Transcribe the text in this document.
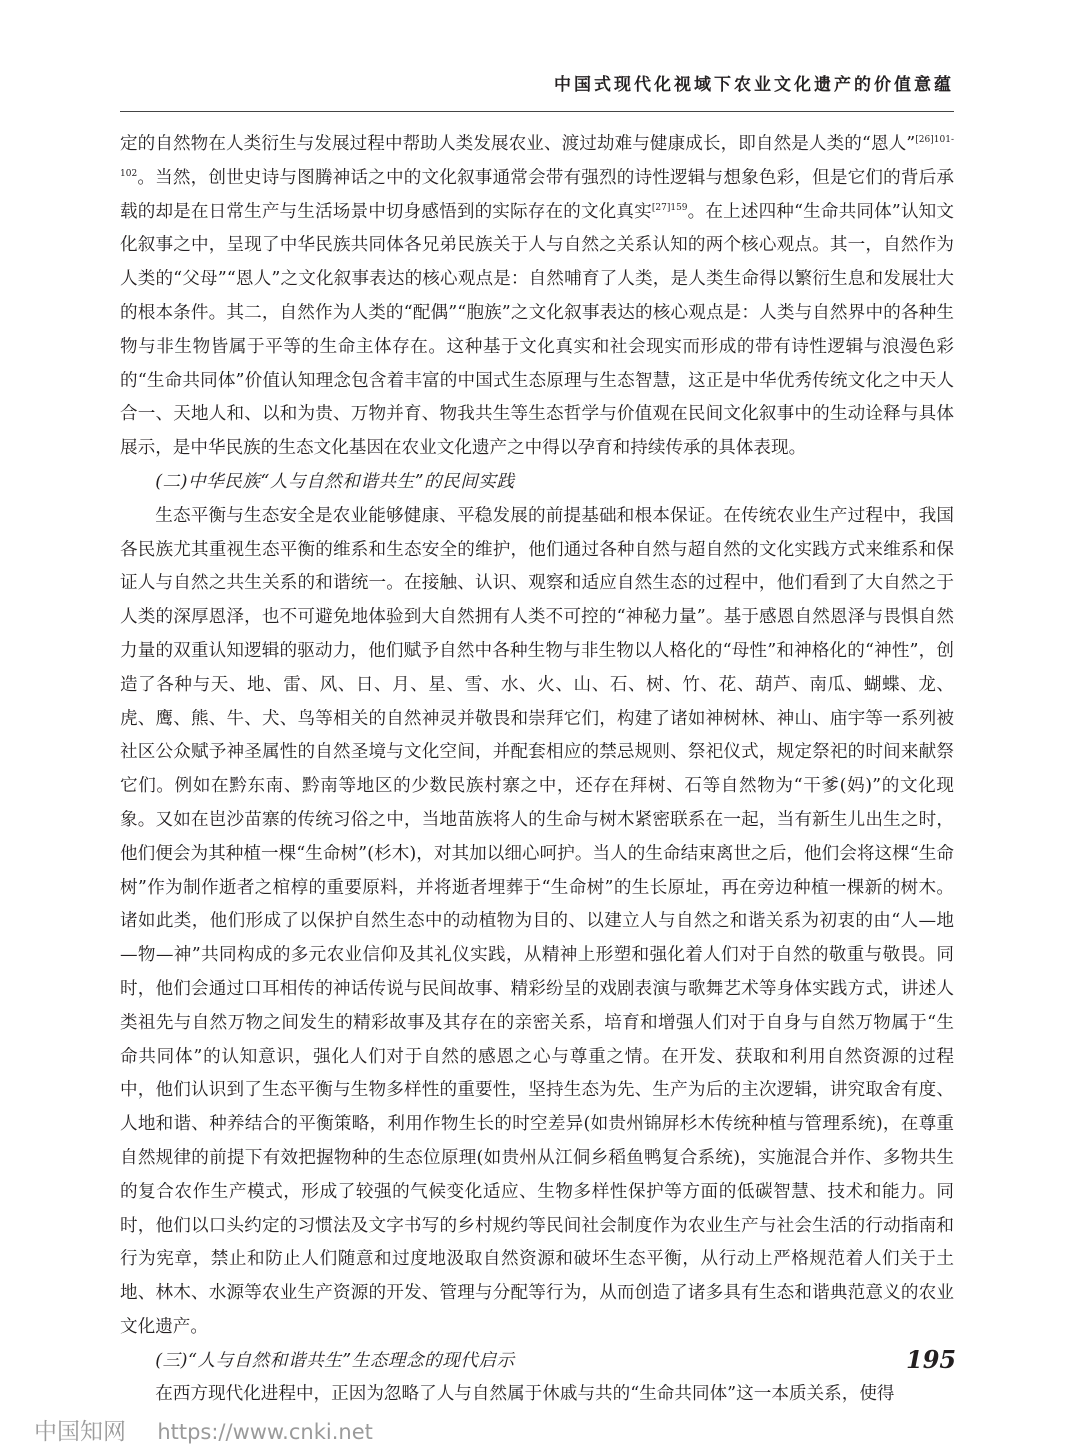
中国式现代化视域下农业文化遗产的价值意蕴

定的自然物在人类衍生与发展过程中帮助人类发展农业、渡过劫难与健康成长，即自然是人类的“恩人”$^{[26]101-102}$。当然，创世史诗与图腾神话之中的文化叙事通常会带有强烈的诗性逻辑与想象色彩，但是它们的背后承载的却是在日常生产与生活场景中切身感悟到的实际存在的文化真实$^{[27]159}$。在上述四种“生命共同体”认知文化叙事之中，呈现了中华民族共同体各兄弟民族关于人与自然之关系认知的两个核心观点。其一，自然作为人类的“父母”“恩人”之文化叙事表达的核心观点是：自然哺育了人类，是人类生命得以繁衍生息和发展壮大的根本条件。其二，自然作为人类的“配偶”“胞族”之文化叙事表达的核心观点是：人类与自然界中的各种生物与非生物皆属于平等的生命主体存在。这种基于文化真实和社会现实而形成的带有诗性逻辑与浪漫色彩的“生命共同体”价值认知理念包含着丰富的中国式生态原理与生态智慧，这正是中华优秀传统文化之中天人合一、天地人和、以和为贵、万物并育、物我共生等生态哲学与价值观在民间文化叙事中的生动诠释与具体展示，是中华民族的生态文化基因在农业文化遗产之中得以孕育和持续传承的具体表现。

(二)中华民族“人与自然和谐共生”的民间实践

生态平衡与生态安全是农业能够健康、平稳发展的前提基础和根本保证。在传统农业生产过程中，我国各民族尤其重视生态平衡的维系和生态安全的维护，他们通过各种自然与超自然的文化实践方式来维系和保证人与自然之共生关系的和谐统一。在接触、认识、观察和适应自然生态的过程中，他们看到了大自然之于人类的深厚恩泽，也不可避免地体验到大自然拥有人类不可控的“神秘力量”。基于感恩自然恩泽与畏惧自然力量的双重认知逻辑的驱动力，他们赋予自然中各种生物与非生物以人格化的“母性”和神格化的“神性”，创造了各种与天、地、雷、风、日、月、星、雪、水、火、山、石、树、竹、花、葫芦、南瓜、蝴蝶、龙、虎、鹰、熊、牛、犬、鸟等相关的自然神灵并敬畏和崇拜它们，构建了诸如神树林、神山、庙宇等一系列被社区公众赋予神圣属性的自然圣境与文化空间，并配套相应的禁忌规则、祭祀仪式，规定祭祀的时间来献祭它们。例如在黔东南、黔南等地区的少数民族村寨之中，还存在拜树、石等自然物为“干爹(妈)”的文化现象。又如在岜沙苗寨的传统习俗之中，当地苗族将人的生命与树木紧密联系在一起，当有新生儿出生之时，他们便会为其种植一棵“生命树”(杉木)，对其加以细心呵护。当人的生命结束离世之后，他们会将这棵“生命树”作为制作逝者之棺椁的重要原料，并将逝者埋葬于“生命树”的生长原址，再在旁边种植一棵新的树木。诸如此类，他们形成了以保护自然生态中的动植物为目的、以建立人与自然之和谐关系为初衷的由“人—地—物—神”共同构成的多元农业信仰及其礼仪实践，从精神上形塑和强化着人们对于自然的敬重与敬畏。同时，他们会通过口耳相传的神话传说与民间故事、精彩纷呈的戏剧表演与歌舞艺术等身体实践方式，讲述人类祖先与自然万物之间发生的精彩故事及其存在的亲密关系，培育和增强人们对于自身与自然万物属于“生命共同体”的认知意识，强化人们对于自然的感恩之心与尊重之情。在开发、获取和利用自然资源的过程中，他们认识到了生态平衡与生物多样性的重要性，坚持生态为先、生产为后的主次逻辑，讲究取舍有度、人地和谐、种养结合的平衡策略，利用作物生长的时空差异(如贵州锦屏杉木传统种植与管理系统)，在尊重自然规律的前提下有效把握物种的生态位原理(如贵州从江侗乡稻鱼鸭复合系统)，实施混合并作、多物共生的复合农作生产模式，形成了较强的气候变化适应、生物多样性保护等方面的低碳智慧、技术和能力。同时，他们以口头约定的习惯法及文字书写的乡村规约等民间社会制度作为农业生产与社会生活的行动指南和行为宪章，禁止和防止人们随意和过度地汲取自然资源和破坏生态平衡，从行动上严格规范着人们关于土地、林木、水源等农业生产资源的开发、管理与分配等行为，从而创造了诸多具有生态和谐典范意义的农业文化遗产。

(三)“人与自然和谐共生”生态理念的现代启示

在西方现代化进程中，正因为忽略了人与自然属于休戚与共的“生命共同体”这一本质关系，使得

195
中国知网 https://www.cnki.net
